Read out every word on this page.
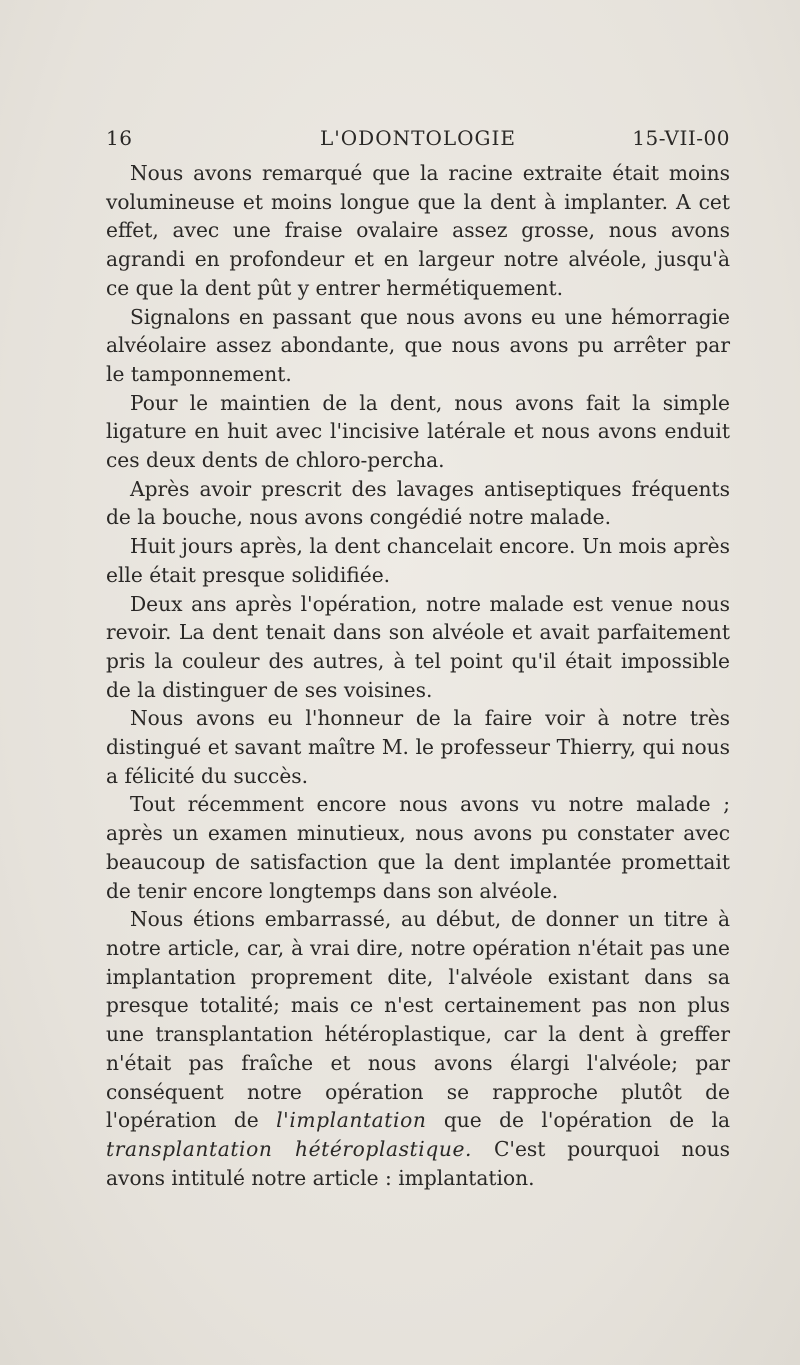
16	L'ODONTOLOGIE	15-VII-00

Nous avons remarqué que la racine extraite était moins volumineuse et moins longue que la dent à implanter. A cet effet, avec une fraise ovalaire assez grosse, nous avons agrandi en profondeur et en largeur notre alvéole, jusqu'à ce que la dent pût y entrer hermétiquement.

Signalons en passant que nous avons eu une hémorragie alvéolaire assez abondante, que nous avons pu arrêter par le tamponnement.

Pour le maintien de la dent, nous avons fait la simple ligature en huit avec l'incisive latérale et nous avons enduit ces deux dents de chloro-percha.

Après avoir prescrit des lavages antiseptiques fréquents de la bouche, nous avons congédié notre malade.

Huit jours après, la dent chancelait encore. Un mois après elle était presque solidifiée.

Deux ans après l'opération, notre malade est venue nous revoir. La dent tenait dans son alvéole et avait parfaitement pris la couleur des autres, à tel point qu'il était impossible de la distinguer de ses voisines.

Nous avons eu l'honneur de la faire voir à notre très distingué et savant maître M. le professeur Thierry, qui nous a félicité du succès.

Tout récemment encore nous avons vu notre malade ; après un examen minutieux, nous avons pu constater avec beaucoup de satisfaction que la dent implantée promettait de tenir encore longtemps dans son alvéole.

Nous étions embarrassé, au début, de donner un titre à notre article, car, à vrai dire, notre opération n'était pas une implantation proprement dite, l'alvéole existant dans sa presque totalité; mais ce n'est certainement pas non plus une transplantation hétéroplastique, car la dent à greffer n'était pas fraîche et nous avons élargi l'alvéole; par conséquent notre opération se rapproche plutôt de l'opération de l'implantation que de l'opération de la transplantation hétéroplastique. C'est pourquoi nous avons intitulé notre article : implantation.
